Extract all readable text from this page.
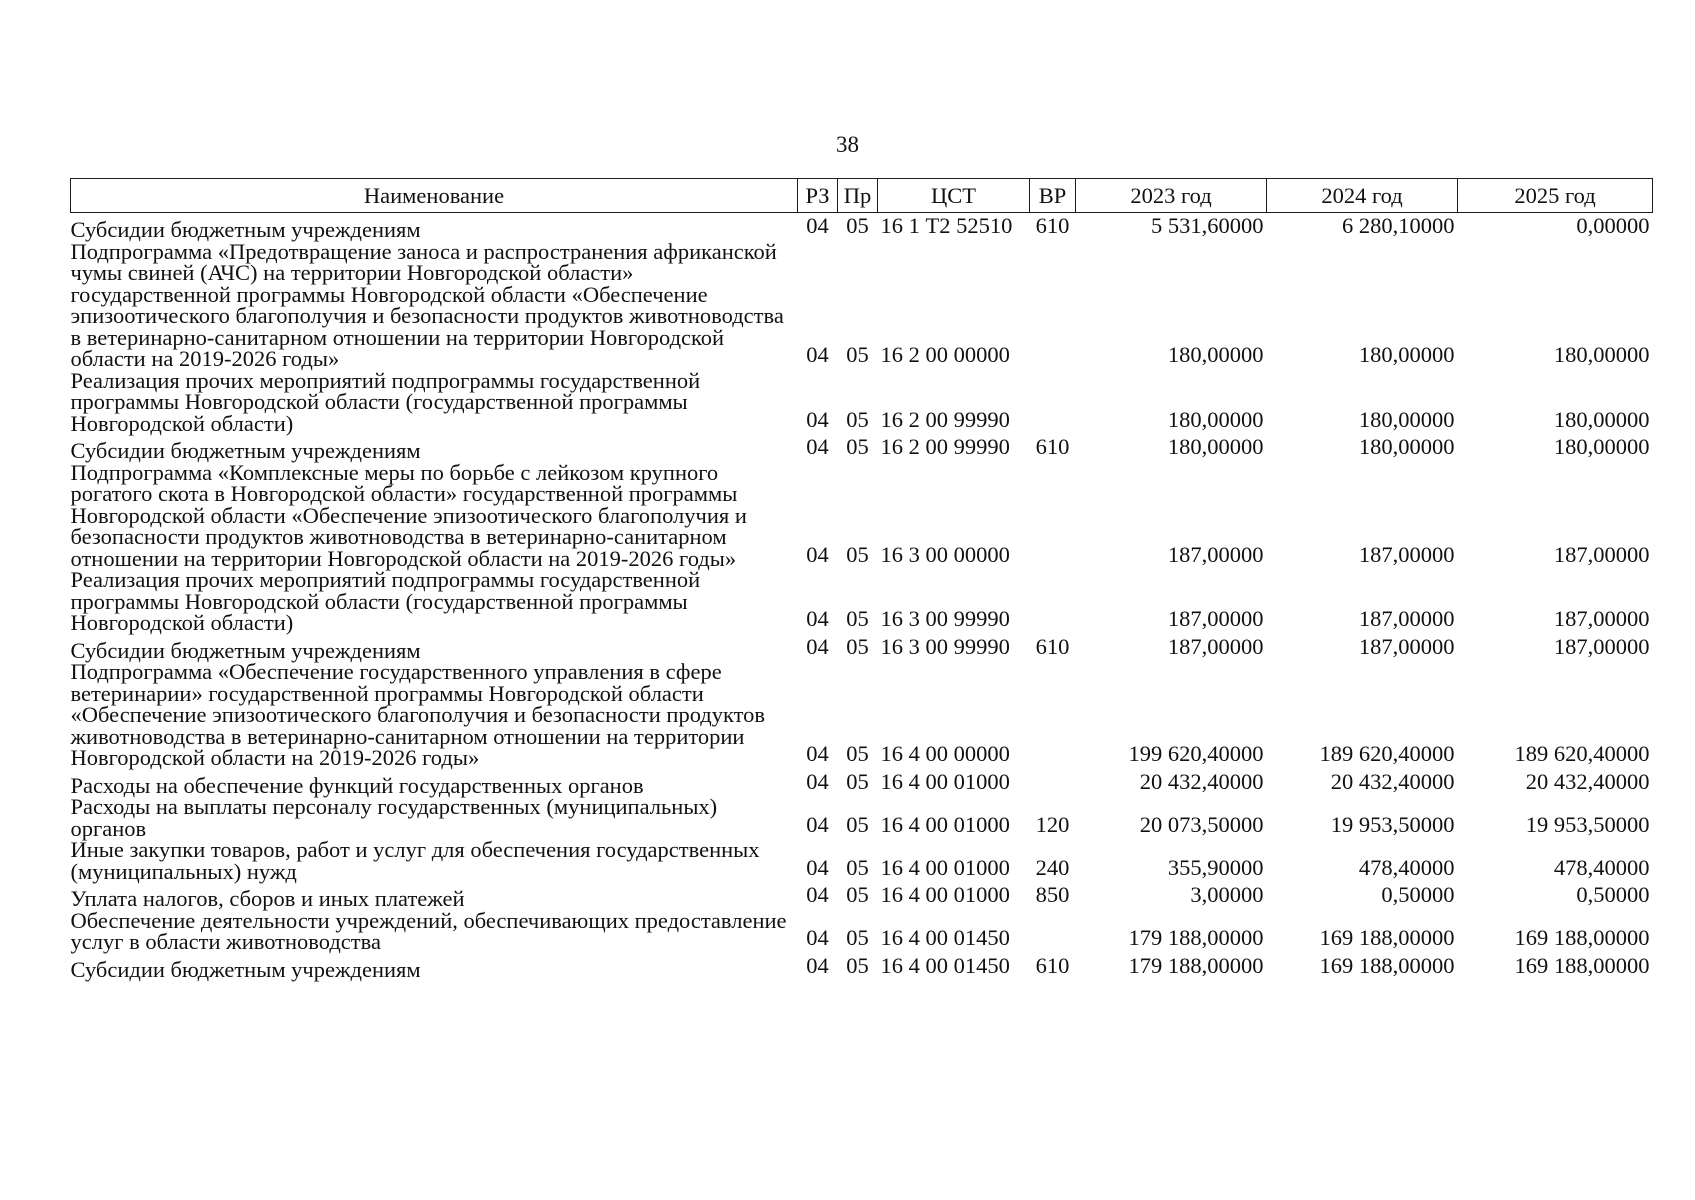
38
Наименование	РЗ	Пр	ЦСТ	ВР	2023 год	2024 год	2025 год
Субсидии бюджетным учреждениям	04	05	16 1 Т2 52510	610	5 531,60000	6 280,10000	0,00000
Подпрограмма «Предотвращение заноса и распространения африканской чумы свиней (АЧС) на территории Новгородской области» государственной программы Новгородской области «Обеспечение эпизоотического благополучия и безопасности продуктов животноводства в ветеринарно-санитарном отношении на территории Новгородской области на 2019-2026 годы»	04	05	16 2 00 00000		180,00000	180,00000	180,00000
Реализация прочих мероприятий подпрограммы государственной программы Новгородской области (государственной программы Новгородской области)	04	05	16 2 00 99990		180,00000	180,00000	180,00000
Субсидии бюджетным учреждениям	04	05	16 2 00 99990	610	180,00000	180,00000	180,00000
Подпрограмма «Комплексные меры по борьбе с лейкозом крупного рогатого скота в Новгородской области» государственной программы Новгородской области «Обеспечение эпизоотического благополучия и безопасности продуктов животноводства в ветеринарно-санитарном отношении на территории Новгородской области на 2019-2026 годы»	04	05	16 3 00 00000		187,00000	187,00000	187,00000
Реализация прочих мероприятий подпрограммы государственной программы Новгородской области (государственной программы Новгородской области)	04	05	16 3 00 99990		187,00000	187,00000	187,00000
Субсидии бюджетным учреждениям	04	05	16 3 00 99990	610	187,00000	187,00000	187,00000
Подпрограмма «Обеспечение государственного управления в сфере ветеринарии» государственной программы Новгородской области «Обеспечение эпизоотического благополучия и безопасности продуктов животноводства в ветеринарно-санитарном отношении на территории Новгородской области на 2019-2026 годы»	04	05	16 4 00 00000		199 620,40000	189 620,40000	189 620,40000
Расходы на обеспечение функций государственных органов	04	05	16 4 00 01000		20 432,40000	20 432,40000	20 432,40000
Расходы на выплаты персоналу государственных (муниципальных) органов	04	05	16 4 00 01000	120	20 073,50000	19 953,50000	19 953,50000
Иные закупки товаров, работ и услуг для обеспечения государственных (муниципальных) нужд	04	05	16 4 00 01000	240	355,90000	478,40000	478,40000
Уплата налогов, сборов и иных платежей	04	05	16 4 00 01000	850	3,00000	0,50000	0,50000
Обеспечение деятельности учреждений, обеспечивающих предоставление услуг в области животноводства	04	05	16 4 00 01450		179 188,00000	169 188,00000	169 188,00000
Субсидии бюджетным учреждениям	04	05	16 4 00 01450	610	179 188,00000	169 188,00000	169 188,00000
